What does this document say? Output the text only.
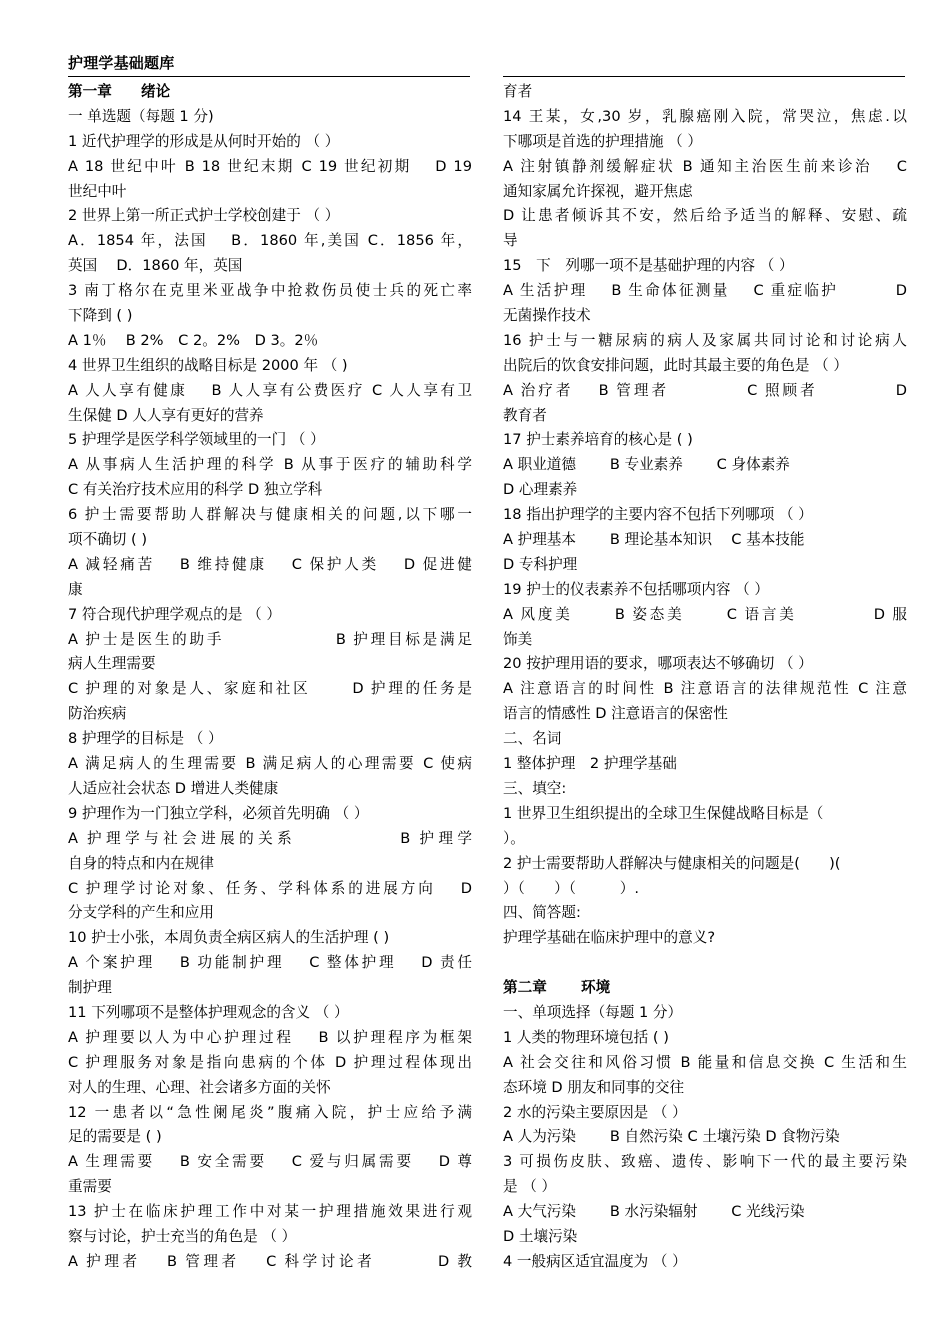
护理学基础题库
第一章　　绪论
一 单选题（每题 1 分)
1 近代护理学的形成是从何时开始的 （ ）
A 18 世纪中叶 B 18 世纪末期 C 19 世纪初期 　D 19
世纪中叶
2 世界上第一所正式护士学校创建于 （ ）
A．1854 年，法国　 B．1860 年,美国 C．1856 年，
英国　 D．1860 年，英国
3 南丁格尔在克里米亚战争中抢救伤员使士兵的死亡率
下降到 ( )
A 1％　 B 2%　C 2。2%　D 3。2％
4 世界卫生组织的战略目标是 2000 年 （ )
A 人人享有健康　 B 人人享有公费医疗 C 人人享有卫
生保健 D 人人享有更好的营养
5 护理学是医学科学领域里的一门 （ ）
A 从事病人生活护理的科学 B 从事于医疗的辅助科学
C 有关治疗技术应用的科学 D 独立学科
6 护士需要帮助人群解决与健康相关的问题,以下哪一
项不确切 ( )
A 减轻痛苦　 B 维持健康　 C 保护人类　 D 促进健
康
7 符合现代护理学观点的是 （ ）
A 护士是医生的助手　　　　　　 B 护理目标是满足
病人生理需要
C 护理的对象是人、家庭和社区　　 D 护理的任务是
防治疾病
8 护理学的目标是 （ ）
A 满足病人的生理需要 B 满足病人的心理需要 C 使病
人适应社会状态 D 增进人类健康
9 护理作为一门独立学科，必须首先明确 （ ）
A 护理学与社会进展的关系　　　　　 B 护理学
自身的特点和内在规律
C 护理学讨论对象、任务、学科体系的进展方向　 D
分支学科的产生和应用
10 护士小张，本周负责全病区病人的生活护理 ( )
A 个案护理　 B 功能制护理　 C 整体护理　 D 责任
制护理
11 下列哪项不是整体护理观念的含义 （ ）
A 护理要以人为中心护理过程　 B 以护理程序为框架
C 护理服务对象是指向患病的个体 D 护理过程体现出
对人的生理、心理、社会诸多方面的关怀
12 一患者以“急性阑尾炎”腹痛入院，护士应给予满
足的需要是 ( )
A 生理需要　 B 安全需要　 C 爱与归属需要　 D 尊
重需要
13 护士在临床护理工作中对某一护理措施效果进行观
察与讨论，护士充当的角色是 （ ）
A 护理者　 B 管理者　 C 科学讨论者　　　 D 教
育者
14 王某，女,30 岁，乳腺癌刚入院，常哭泣，焦虑.以
下哪项是首选的护理措施 （ ）
A 注射镇静剂缓解症状 B 通知主治医生前来诊治　 C
通知家属允许探视，避开焦虑
D 让患者倾诉其不安，然后给予适当的解释、安慰、疏
导
15　下　列哪一项不是基础护理的内容 （ ）
A 生活护理　 B 生命体征测量　 C 重症临护　　　 D
无菌操作技术
16 护士与一糖尿病的病人及家属共同讨论和讨论病人
出院后的饮食安排问题，此时其最主要的角色是 （ ）
A 治疗者　 B 管理者　　　　 C 照顾者　　　　 D
教育者
17 护士素养培育的核心是 ( )
A 职业道德　　 B 专业素养　　 C 身体素养
D 心理素养
18 指出护理学的主要内容不包括下列哪项 （ ）
A 护理基本　　 B 理论基本知识　 C 基本技能
D 专科护理
19 护士的仪表素养不包括哪项内容 （ ）
A 风度美　　 B 姿态美　　 C 语言美　　　　 D 服
饰美
20 按护理用语的要求，哪项表达不够确切 （ ）
A 注意语言的时间性 B 注意语言的法律规范性 C 注意
语言的情感性 D 注意语言的保密性
二、名词
1 整体护理　2 护理学基础
三、填空:
1 世界卫生组织提出的全球卫生保健战略目标是（
）。
2 护士需要帮助人群解决与健康相关的问题是(　　)(
）（　　）（　　　）.
四、简答题:
护理学基础在临床护理中的意义?
第二章　　 环境
一、单项选择（每题 1 分）
1 人类的物理环境包括 ( )
A 社会交往和风俗习惯 B 能量和信息交换 C 生活和生
态环境 D 朋友和同事的交往
2 水的污染主要原因是 （ ）
A 人为污染　　 B 自然污染 C 土壤污染 D 食物污染
3 可损伤皮肤、致癌、遗传、影响下一代的最主要污染
是 （ ）
A 大气污染　　 B 水污染辐射　　 C 光线污染
D 土壤污染
4 一般病区适宜温度为 （ ）
